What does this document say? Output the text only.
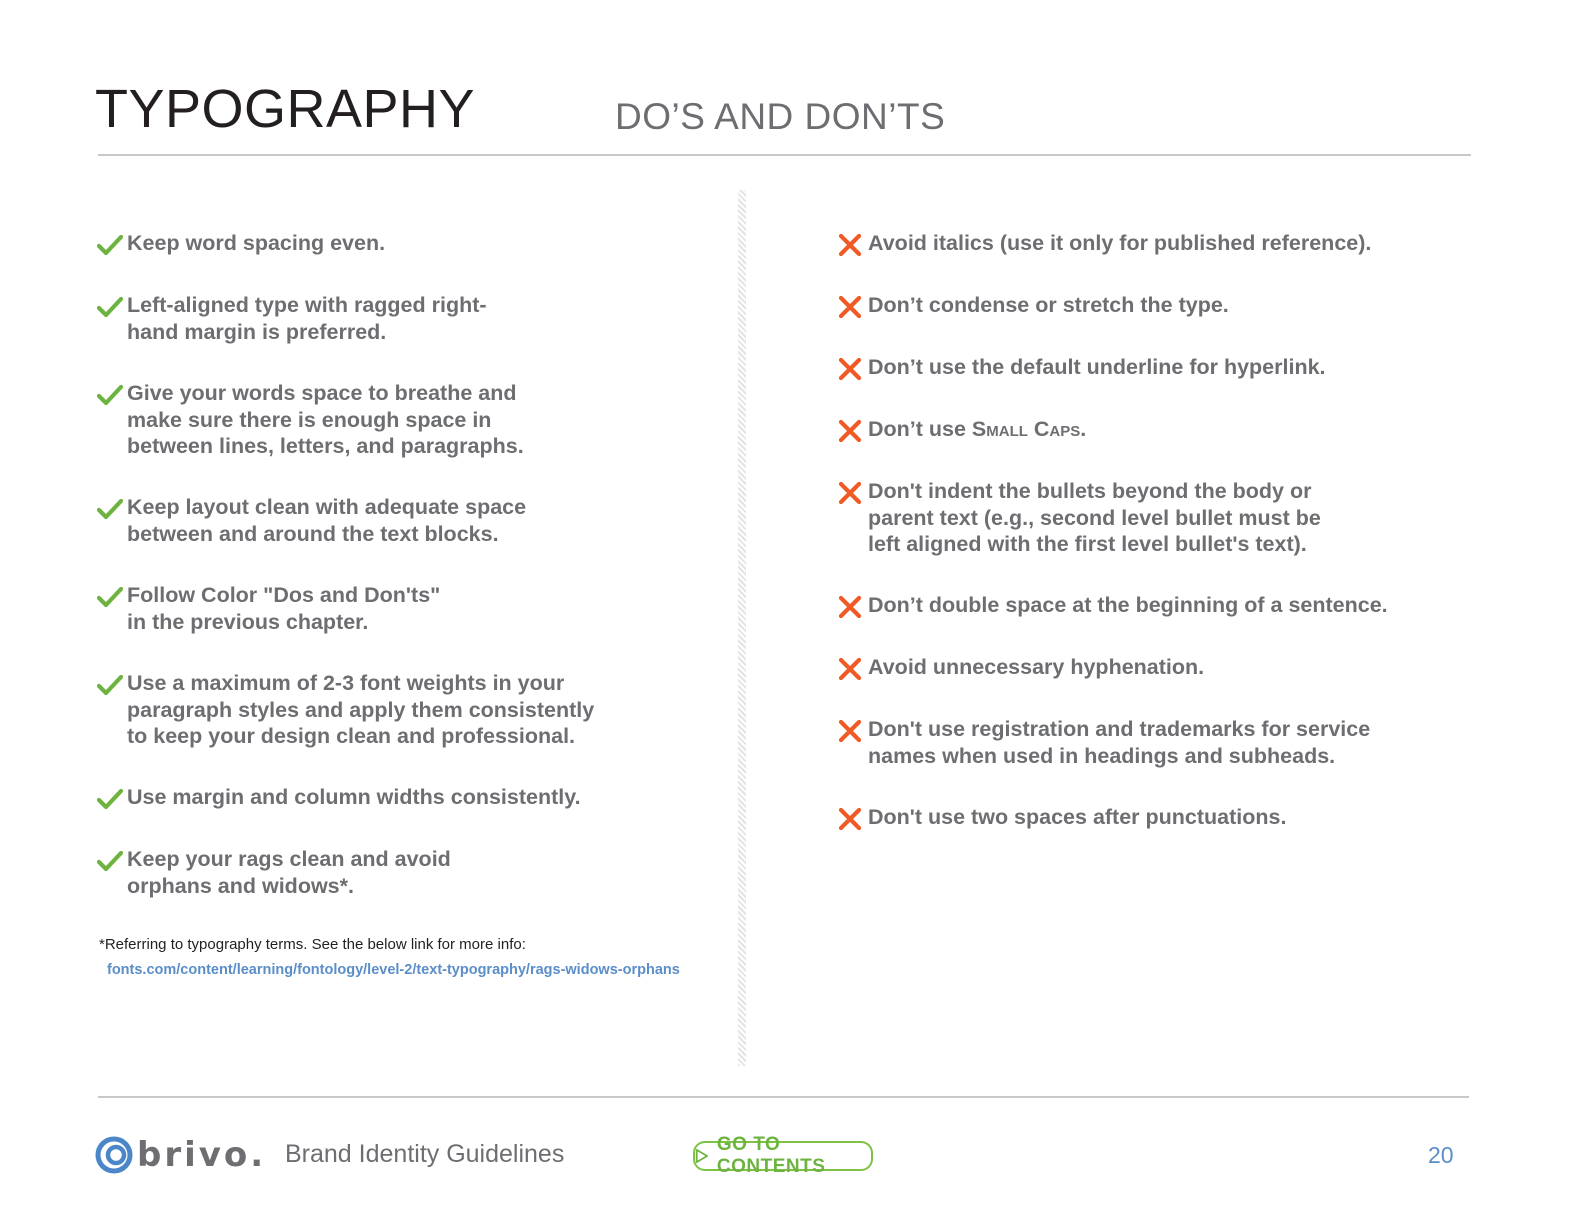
TYPOGRAPHY	DO’S AND DON’TS
Keep word spacing even.
Left-aligned type with ragged right-
hand margin is preferred.
Give your words space to breathe and
make sure there is enough space in
between lines, letters, and paragraphs.
Keep layout clean with adequate space
between and around the text blocks.
Follow Color "Dos and Don'ts"
in the previous chapter.
Use a maximum of 2-3 font weights in your
paragraph styles and apply them consistently
to keep your design clean and professional.
Use margin and column widths consistently.
Keep your rags clean and avoid
orphans and widows*.
*Referring to typography terms. See the below link for more info:
fonts.com/content/learning/fontology/level-2/text-typography/rags-widows-orphans
Avoid italics (use it only for published reference).
Don’t condense or stretch the type.
Don’t use the default underline for hyperlink.
Don’t use Small Caps.
Don't indent the bullets beyond the body or
parent text (e.g., second level bullet must be
left aligned with the first level bullet's text).
Don’t double space at the beginning of a sentence.
Avoid unnecessary hyphenation.
Don't use registration and trademarks for service
names when used in headings and subheads.
Don't use two spaces after punctuations.
brivo. Brand Identity Guidelines	GO TO CONTENTS	20
